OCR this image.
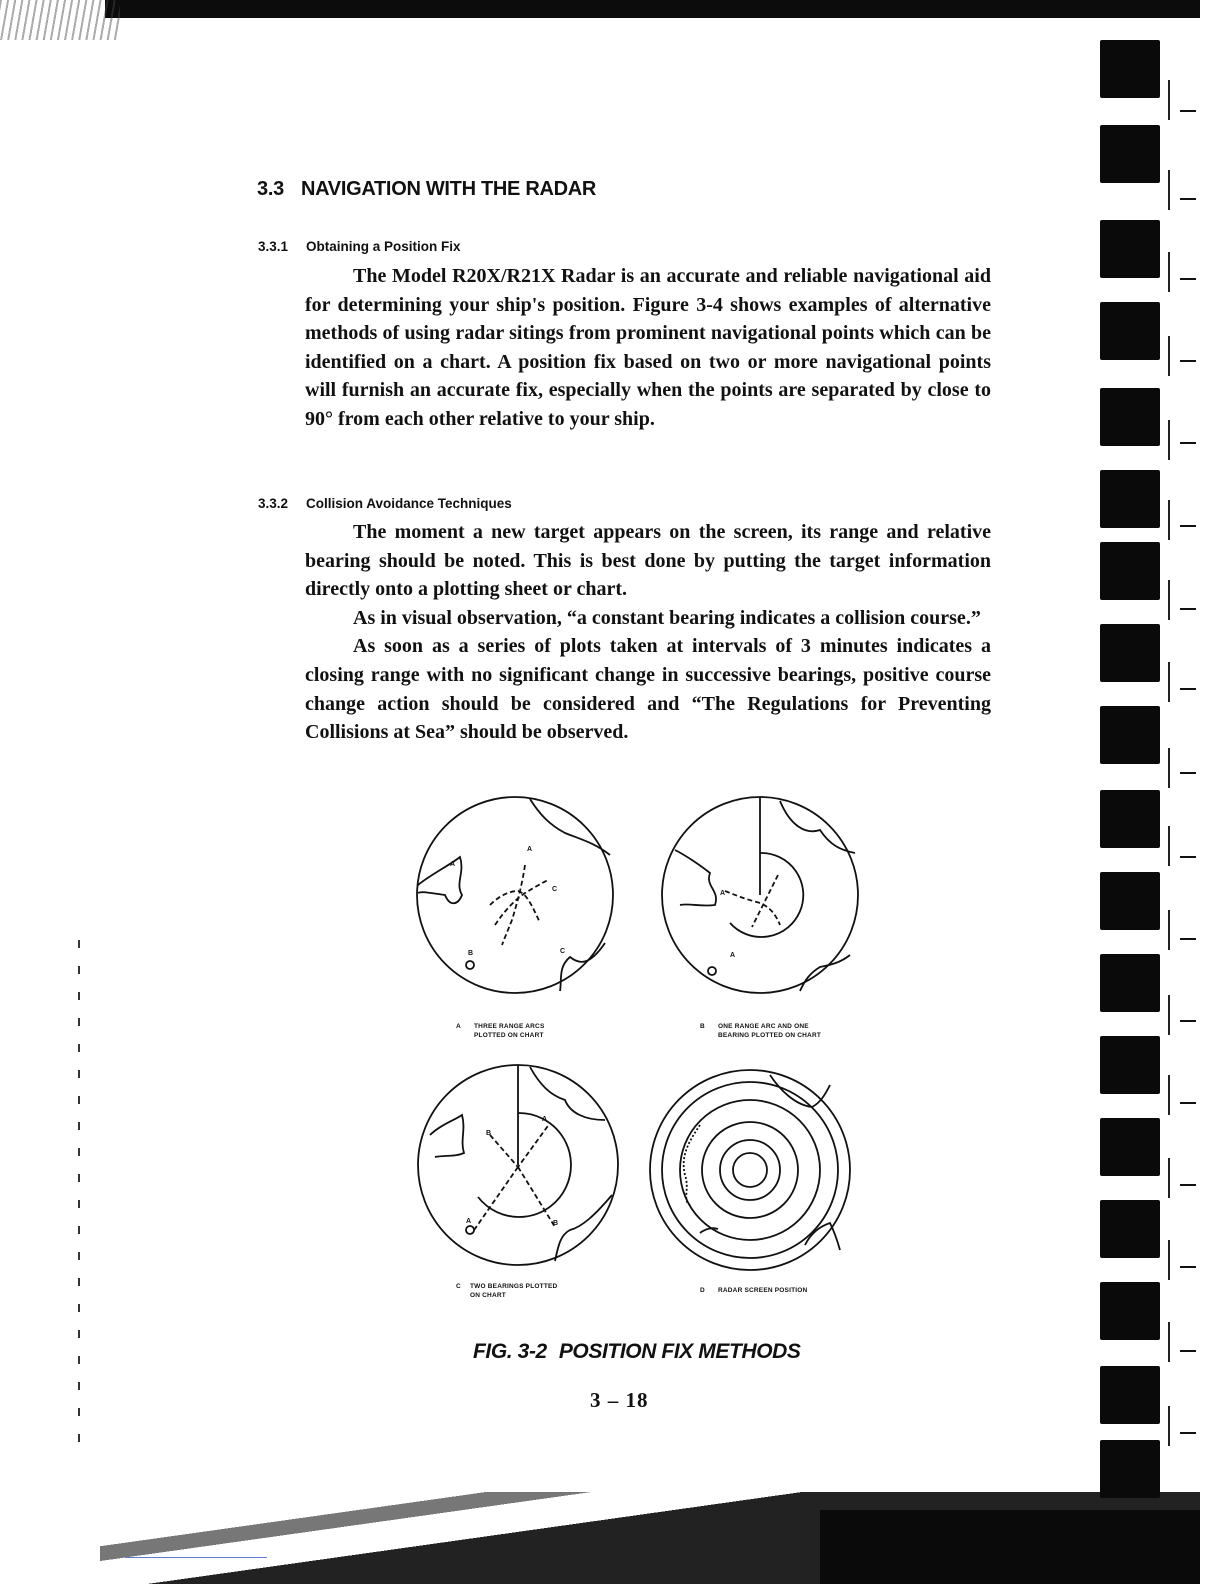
3.3 NAVIGATION WITH THE RADAR
3.3.1 Obtaining a Position Fix

The Model R20X/R21X Radar is an accurate and reliable navigational aid for determining your ship's position. Figure 3-4 shows examples of alternative methods of using radar sitings from prominent navigational points which can be identified on a chart. A position fix based on two or more navigational points will furnish an accurate fix, especially when the points are separated by close to 90° from each other relative to your ship.

3.3.2 Collision Avoidance Techniques

The moment a new target appears on the screen, its range and relative bearing should be noted. This is best done by putting the target information directly onto a plotting sheet or chart.

As in visual observation, “a constant bearing indicates a collision course.”

As soon as a series of plots taken at intervals of 3 minutes indicates a closing range with no significant change in successive bearings, positive course change action should be considered and “The Regulations for Preventing Collisions at Sea” should be observed.

A
A
C
C
B
A
A
B
A
A	B
A THREE RANGE ARCS
PLOTTED ON CHART
B ONE RANGE ARC AND ONE
BEARING PLOTTED ON CHART
C TWO BEARINGS PLOTTED
ON CHART
D RADAR SCREEN POSITION
FIG. 3-2 POSITION FIX METHODS
3 – 18
